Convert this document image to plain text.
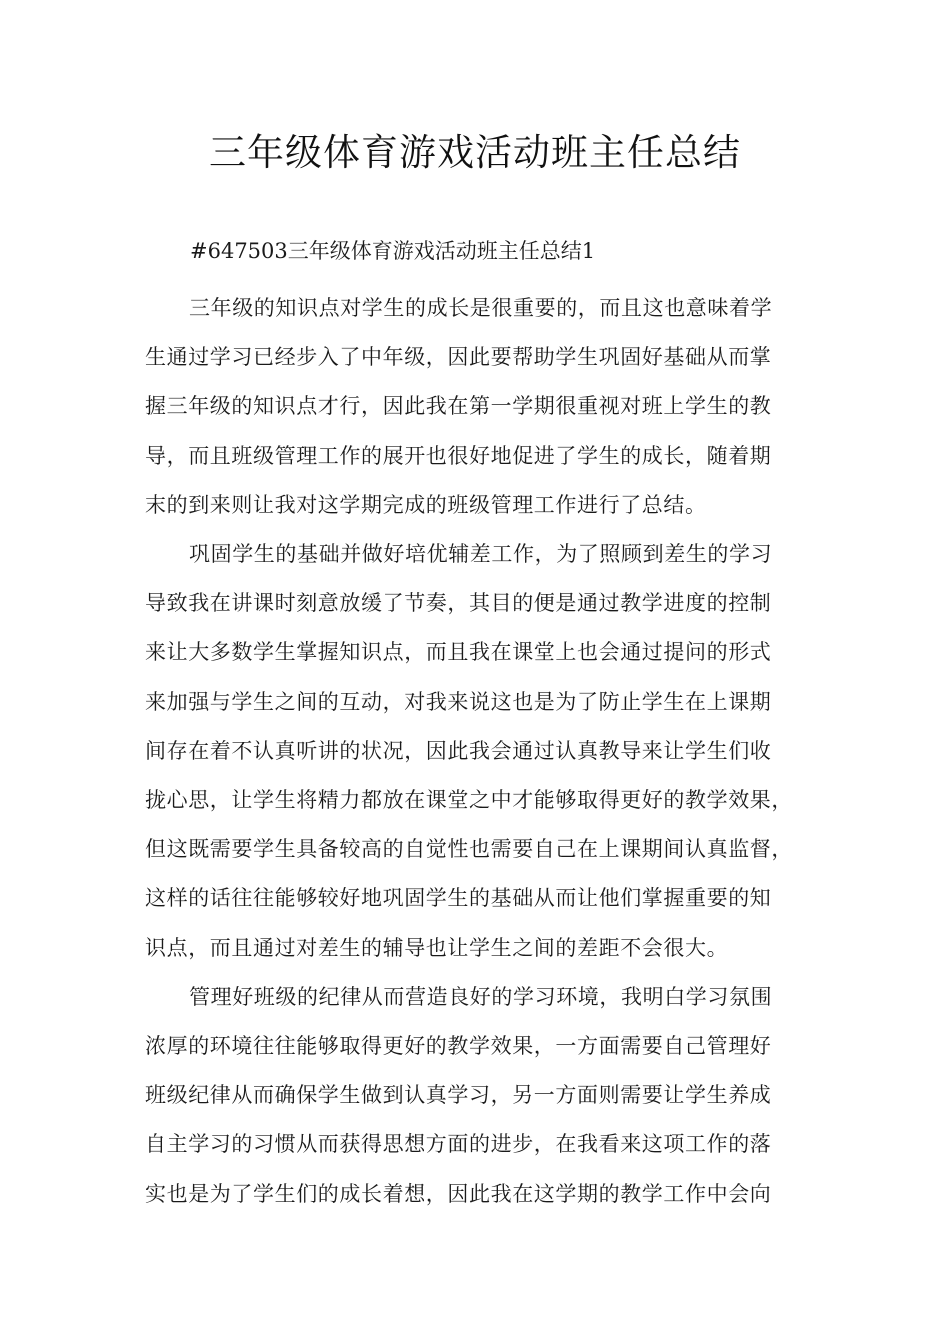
三年级体育游戏活动班主任总结
#647503三年级体育游戏活动班主任总结1

三年级的知识点对学生的成长是很重要的，而且这也意味着学
生通过学习已经步入了中年级，因此要帮助学生巩固好基础从而掌
握三年级的知识点才行，因此我在第一学期很重视对班上学生的教
导，而且班级管理工作的展开也很好地促进了学生的成长，随着期
末的到来则让我对这学期完成的班级管理工作进行了总结。

巩固学生的基础并做好培优辅差工作，为了照顾到差生的学习
导致我在讲课时刻意放缓了节奏，其目的便是通过教学进度的控制
来让大多数学生掌握知识点，而且我在课堂上也会通过提问的形式
来加强与学生之间的互动，对我来说这也是为了防止学生在上课期
间存在着不认真听讲的状况，因此我会通过认真教导来让学生们收
拢心思，让学生将精力都放在课堂之中才能够取得更好的教学效果，
但这既需要学生具备较高的自觉性也需要自己在上课期间认真监督，
这样的话往往能够较好地巩固学生的基础从而让他们掌握重要的知
识点，而且通过对差生的辅导也让学生之间的差距不会很大。

管理好班级的纪律从而营造良好的学习环境，我明白学习氛围
浓厚的环境往往能够取得更好的教学效果，一方面需要自己管理好
班级纪律从而确保学生做到认真学习，另一方面则需要让学生养成
自主学习的习惯从而获得思想方面的进步，在我看来这项工作的落
实也是为了学生们的成长着想，因此我在这学期的教学工作中会向
